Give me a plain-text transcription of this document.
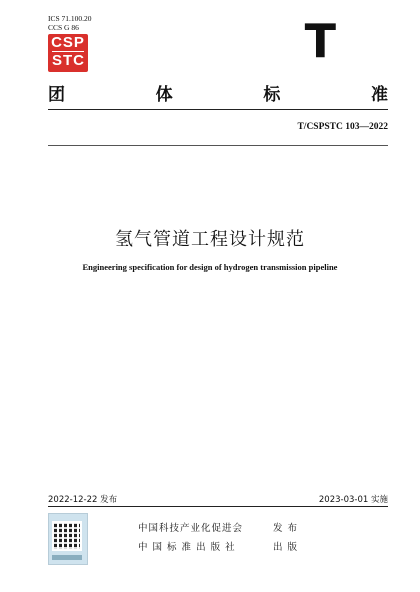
ICS 71.100.20
CCS G 86
CSP
STC	T
团	体	标	准
T/CSPSTC 103—2022
氢气管道工程设计规范
Engineering specification for design of hydrogen transmission pipeline
2022-12-22 发布	2023-03-01 实施
中国科技产业化促进会	发 布
中 国 标 准 出 版 社	出 版
